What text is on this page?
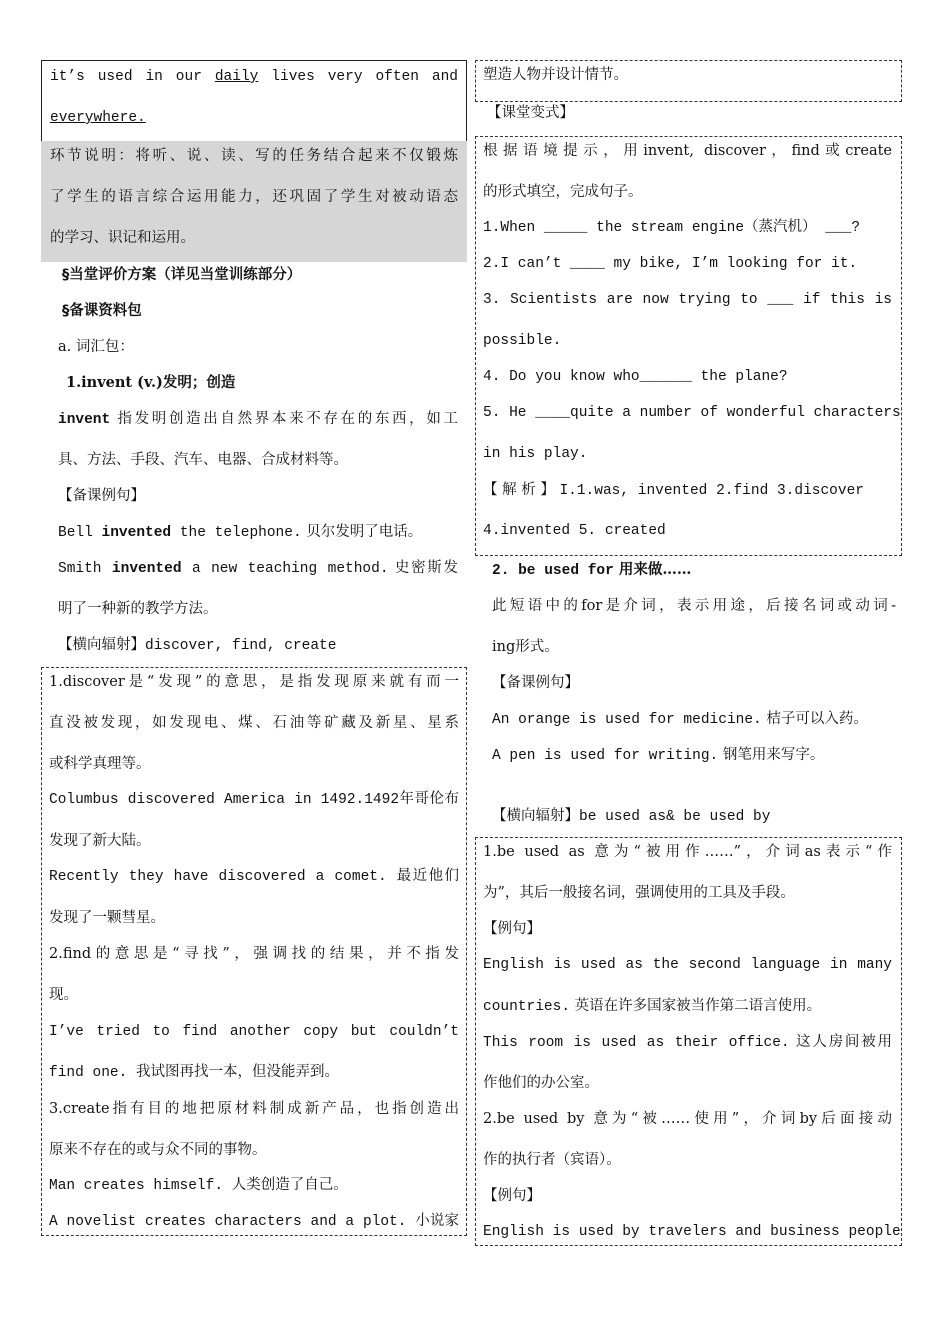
it’s used in our daily lives very often and
everywhere.
环节说明：将听、说、读、写的任务结合起来不仅锻炼
了学生的语言综合运用能力，还巩固了学生对被动语态
的学习、识记和运用。
§当堂评价方案（详见当堂训练部分）
§备课资料包
a. 词汇包：
1.invent (v.)发明；创造
invent 指发明创造出自然界本来不存在的东西，如工
具、方法、手段、汽车、电器、合成材料等。
【备课例句】
Bell invented the telephone. 贝尔发明了电话。
Smith invented a new teaching method. 史密斯发
明了一种新的教学方法。
【横向辐射】discover, find, create
1.discover是“发现”的意思，是指发现原来就有而一
直没被发现，如发现电、煤、石油等矿藏及新星、星系
或科学真理等。
Columbus discovered America in 1492.1492年哥伦布
发现了新大陆。
Recently they have discovered a comet. 最近他们
发现了一颗彗星。
2.find的意思是“寻找”，强调找的结果，并不指发
现。
I’ve tried to find another copy but couldn’t
find one. 我试图再找一本，但没能弄到。
3.create指有目的地把原材料制成新产品，也指创造出
原来不存在的或与众不同的事物。
Man creates himself. 人类创造了自己。
A novelist creates characters and a plot. 小说家
塑造人物并设计情节。
【课堂变式】
根据语境提示，用invent, discover，find或create
的形式填空，完成句子。
1.When _____ the stream engine（蒸汽机） ___?
2.I can’t ____ my bike, I’m looking for it.
3. Scientists are now trying to ___ if this is
possible.
4. Do you know who______ the plane?
5. He ____quite a number of wonderful characters
in his play.
【 解 析 】 I.1.was, invented 2.find 3.discover
4.invented 5. created
2. be used for 用来做……
此短语中的for是介词，表示用途，后接名词或动词-
ing形式。
【备课例句】
An orange is used for medicine. 桔子可以入药。
A pen is used for writing. 钢笔用来写字。
【横向辐射】be used as& be used by
1.be used as 意为“被用作……”，介词as表示“作
为”，其后一般接名词，强调使用的工具及手段。
【例句】
English is used as the second language in many
countries. 英语在许多国家被当作第二语言使用。
This room is used as their office. 这人房间被用
作他们的办公室。
2.be used by 意为“被……使用”，介词by后面接动
作的执行者（宾语）。
【例句】
English is used by travelers and business people
